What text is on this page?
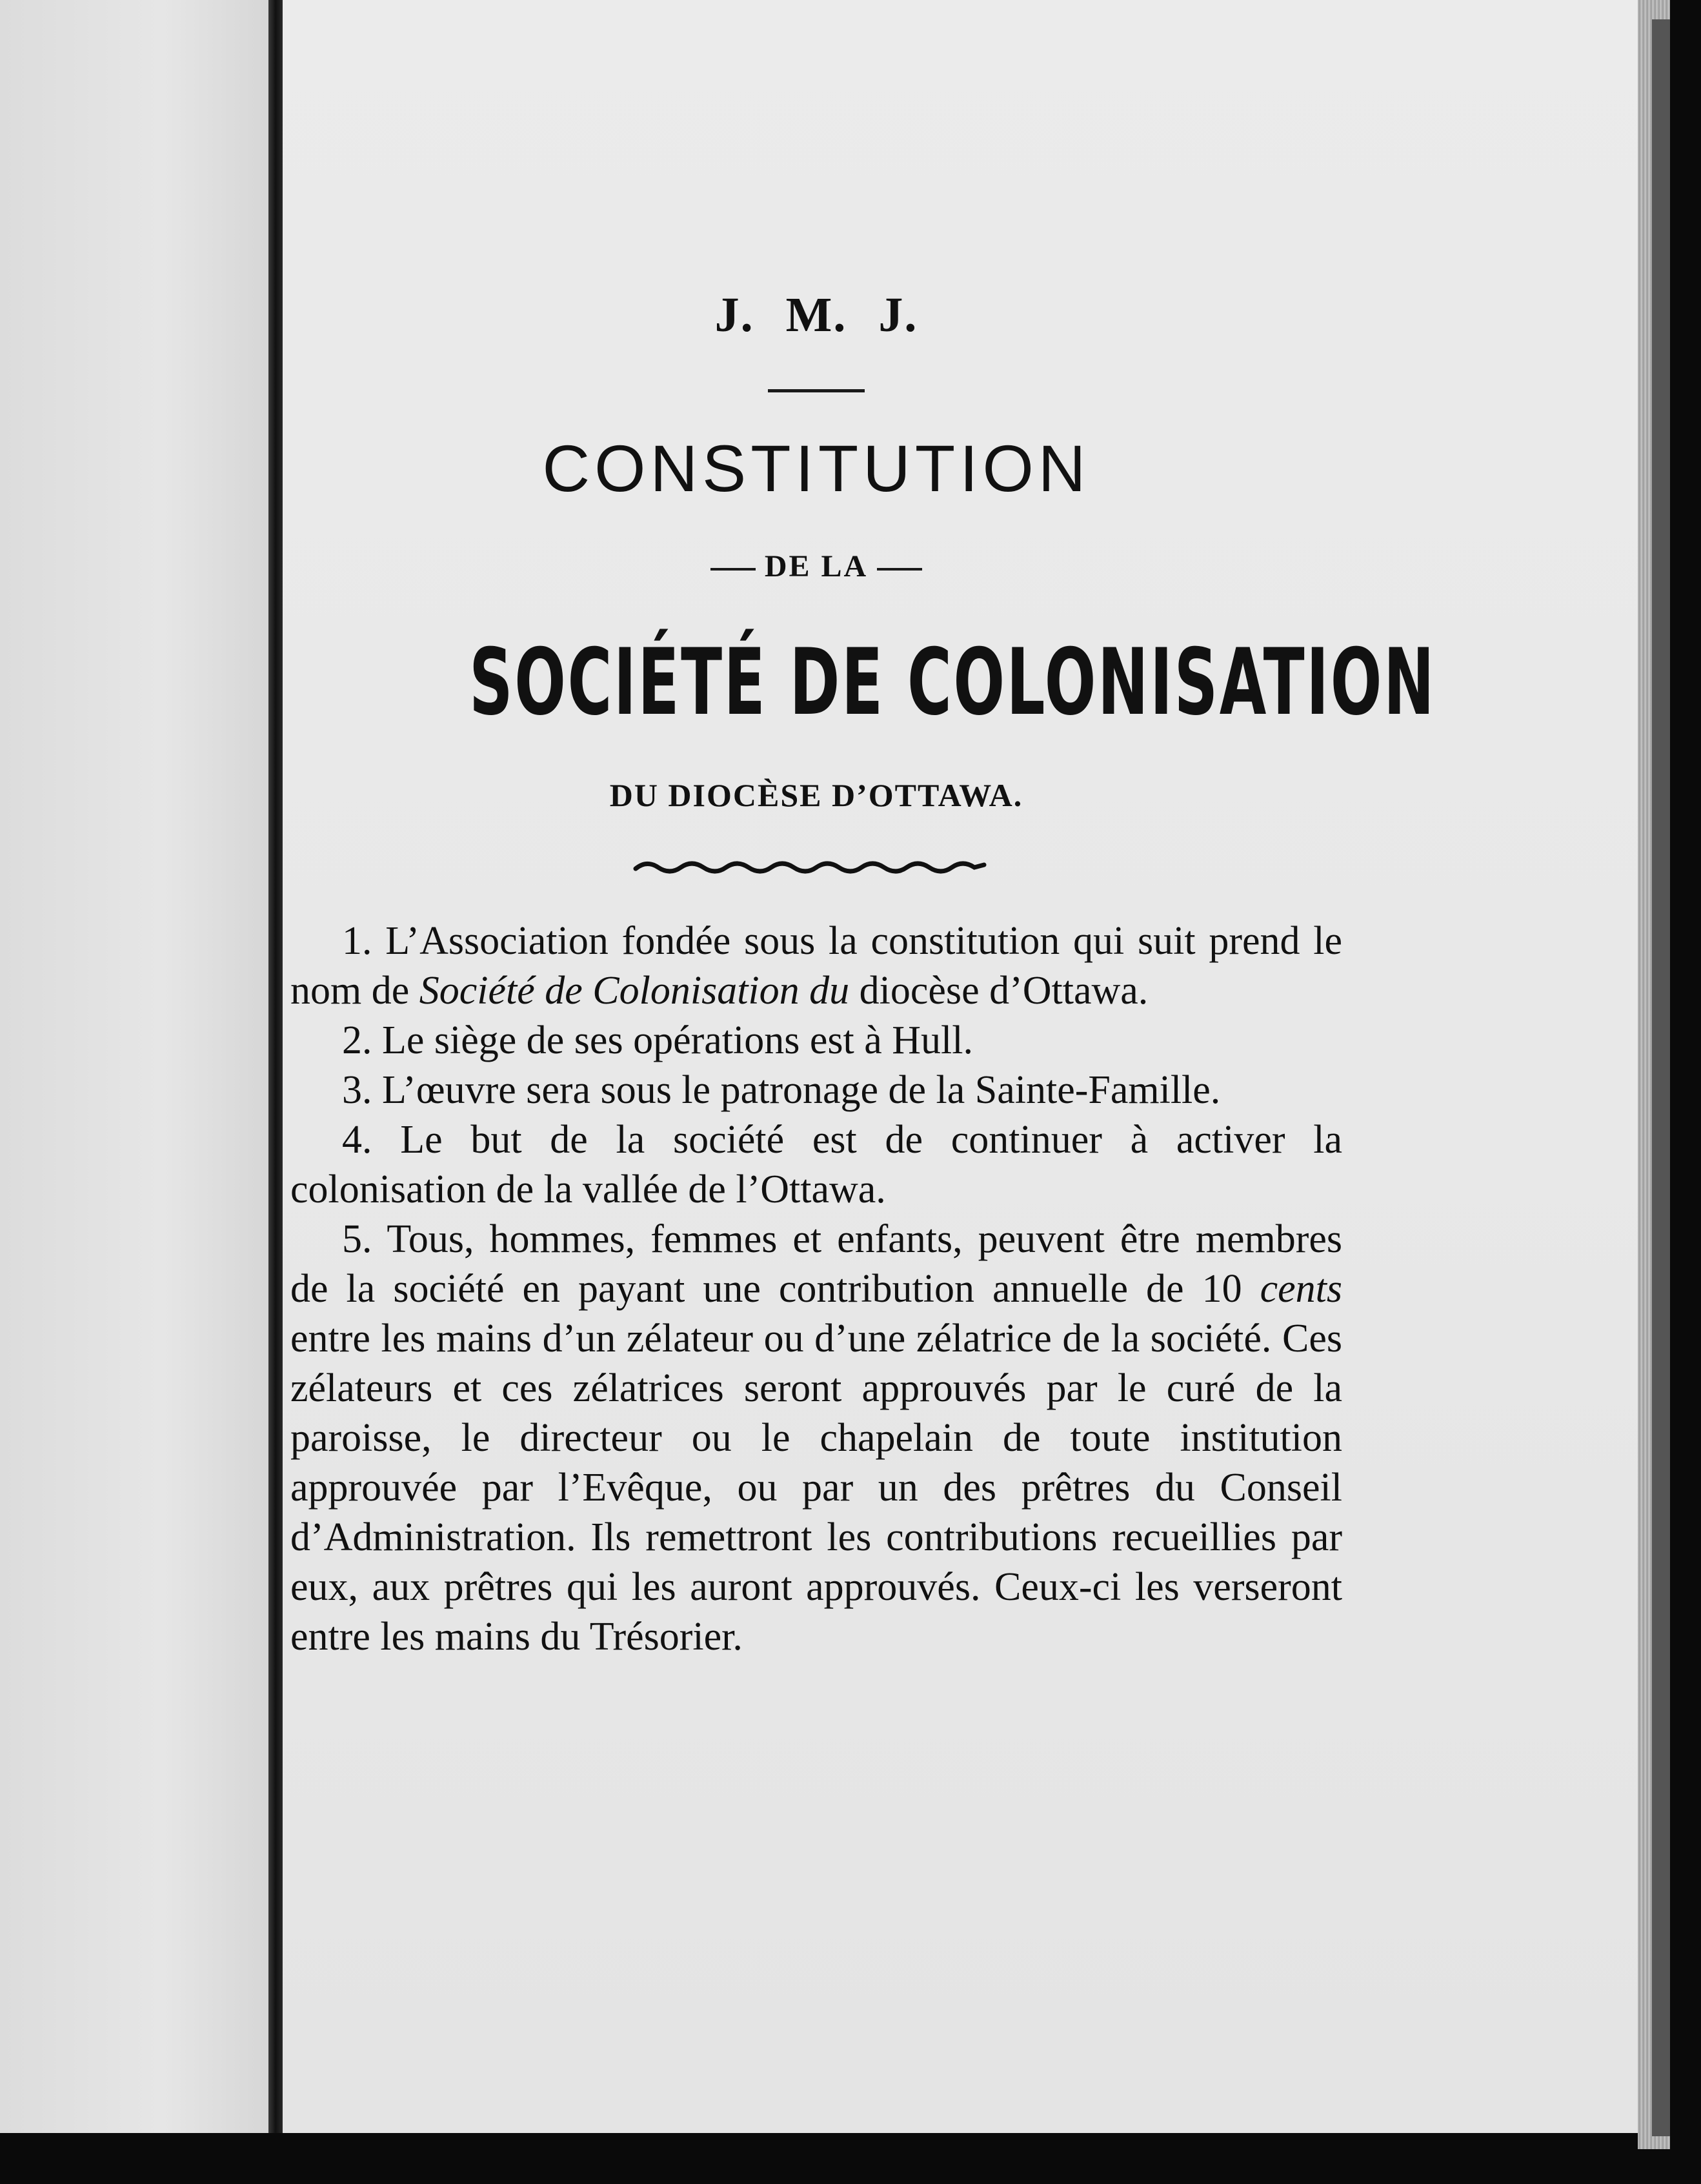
J. M. J.
CONSTITUTION
DE LA
SOCIÉTÉ DE COLONISATION
DU DIOCÈSE D’OTTAWA.

1. L’Association fondée sous la constitution qui suit prend le nom de Société de Colonisation du diocèse d’Ottawa.

2. Le siège de ses opérations est à Hull.

3. L’œuvre sera sous le patronage de la Sainte-Famille.

4. Le but de la société est de continuer à activer la colonisation de la vallée de l’Ottawa.

5. Tous, hommes, femmes et enfants, peuvent être membres de la société en payant une contribution annuelle de 10 cents entre les mains d’un zélateur ou d’une zélatrice de la société. Ces zélateurs et ces zélatrices seront approuvés par le curé de la paroisse, le directeur ou le chapelain de toute institution approuvée par l’Evêque, ou par un des prêtres du Conseil d’Administration. Ils remettront les contributions recueillies par eux, aux prêtres qui les auront approuvés. Ceux-ci les verseront entre les mains du Trésorier.
